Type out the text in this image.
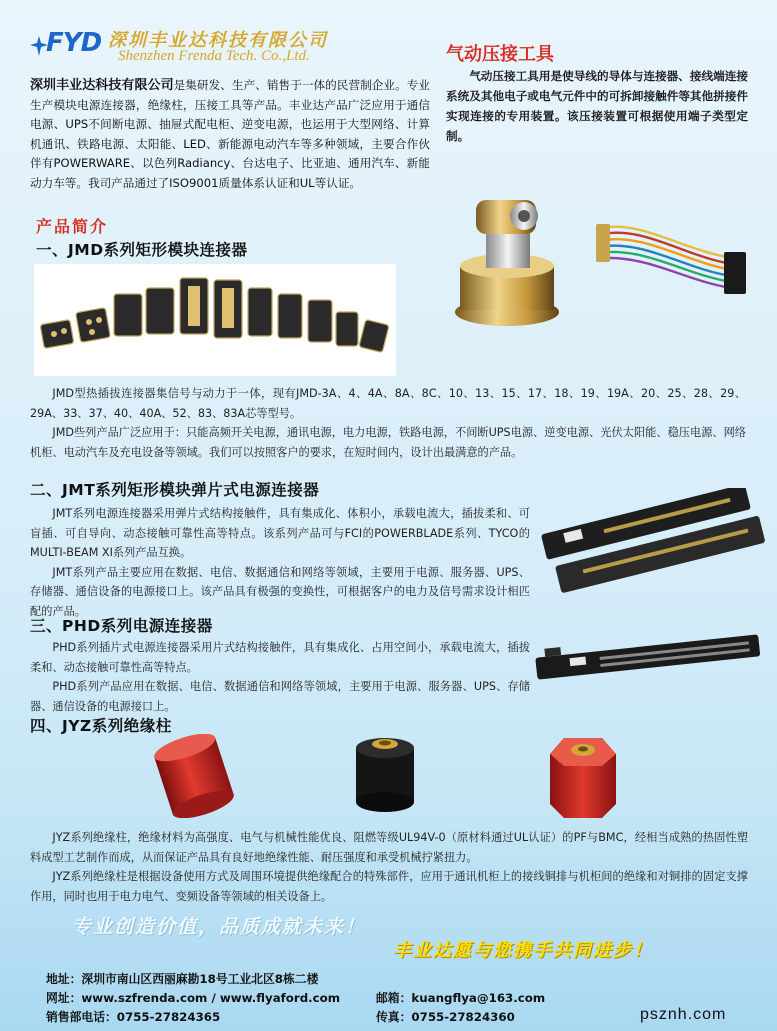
FYD 深圳丰业达科技有限公司
Shenzhen Frenda Tech. Co.,Ltd.
深圳丰业达科技有限公司是集研发、生产、销售于一体的民营制企业。专业生产模块电源连接器，绝缘柱，压接工具等产品。丰业达产品广泛应用于通信电源、UPS不间断电源、抽屉式配电柜、逆变电源，也运用于大型网络、计算机通讯、铁路电源、太阳能、LED、新能源电动汽车等多种领域，主要合作伙伴有POWERWARE、以色列Radiancy、台达电子、比亚迪、通用汽车、新能动力车等。我司产品通过了ISO9001质量体系认证和UL等认证。
气动压接工具
气动压接工具用是使导线的导体与连接器、接线端连接系统及其他电子或电气元件中的可拆卸接触件等其他拼接件实现连接的专用装置。该压接装置可根据使用端子类型定制。
产品简介
一、JMD系列矩形模块连接器

JMD型热插拔连接器集信号与动力于一体，现有JMD-3A、4、4A、8A、8C、10、13、15、17、18、19、19A、20、25、28、29、29A、33、37、40、40A、52、83、83A芯等型号。

JMD些列产品广泛应用于：只能高频开关电源，通讯电源，电力电源，铁路电源，不间断UPS电源、逆变电源、光伏太阳能、稳压电源、网络机柜、电动汽车及充电设备等领域。我们可以按照客户的要求，在短时间内，设计出最满意的产品。

二、JMT系列矩形模块弹片式电源连接器

JMT系列电源连接器采用弹片式结构接触件，具有集成化、体积小，承载电流大，插拔柔和、可盲插、可自导向、动态接触可靠性高等特点。该系列产品可与FCI的POWERBLADE系列、TYCO的MULTI-BEAM XI系列产品互换。

JMT系列产品主要应用在数据、电信、数据通信和网络等领域，主要用于电源、服务器、UPS、存储器、通信设备的电源接口上。该产品具有极强的变换性，可根据客户的电力及信号需求设计相匹配的产品。

三、PHD系列电源连接器

PHD系列插片式电源连接器采用片式结构接触件，具有集成化、占用空间小，承载电流大，插拔柔和、动态接触可靠性高等特点。

PHD系列产品应用在数据、电信、数据通信和网络等领域，主要用于电源、服务器、UPS、存储器、通信设备的电源接口上。

四、JYZ系列绝缘柱

JYZ系列绝缘柱，绝缘材料为高强度、电气与机械性能优良、阻燃等级UL94V-0（原材料通过UL认证）的PF与BMC，经相当成熟的热固性塑料成型工艺制作而成，从而保证产品具有良好地绝缘性能、耐压强度和承受机械拧紧扭力。

JYZ系列绝缘柱是根据设备使用方式及周围环境提供绝缘配合的特殊部件，应用于通讯机柜上的接线铜排与机柜间的绝缘和对铜排的固定支撑作用，同时也用于电力电气、变频设备等领域的相关设备上。

专业创造价值，品质成就未来！
丰业达愿与您携手共同进步！
地址：深圳市南山区西丽麻勘18号工业北区8栋二楼
网址：www.szfrenda.com / www.flyaford.com	邮箱：kuangflya@163.com
销售部电话：0755-27824365	传真：0755-27824360	psznh.com
